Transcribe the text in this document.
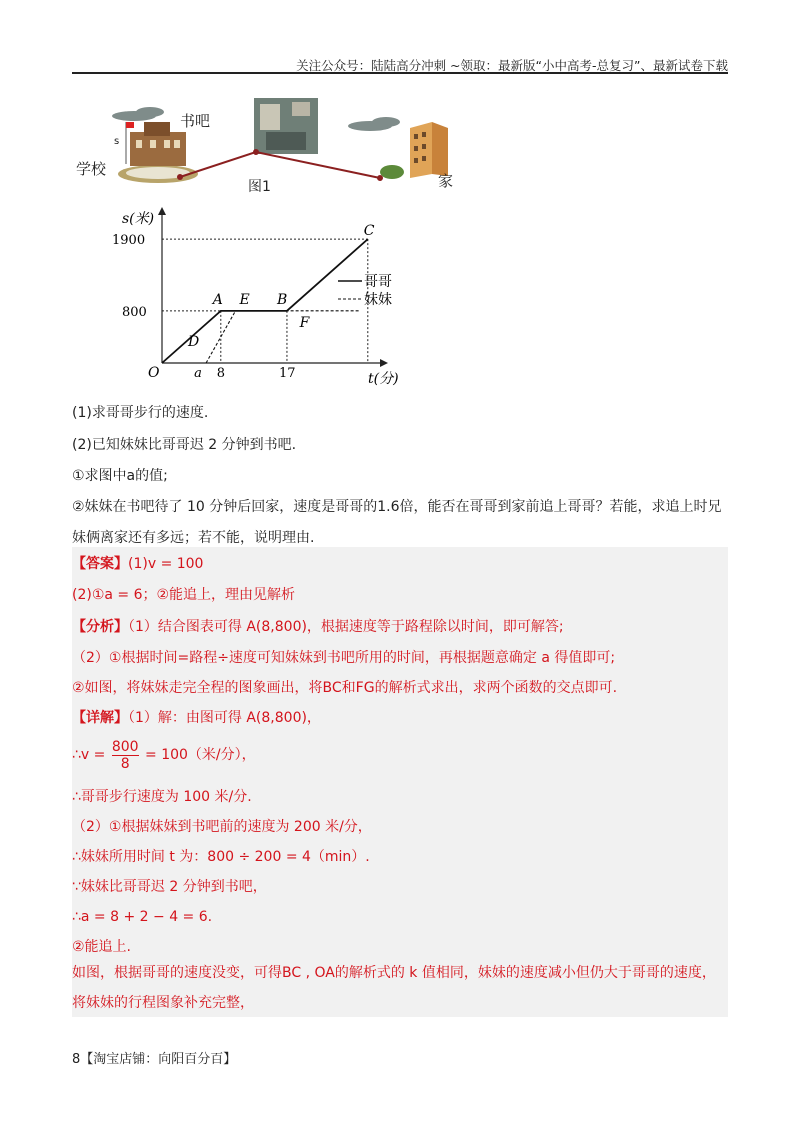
关注公众号：陆陆高分冲刺 ~领取：最新版“小中高考-总复习”、最新试卷下载
书吧
学校
s
图1	家
s(米)
t(分)
O
1900
800
a 8	17
A E B
C
D
F
哥哥
妹妹
(1)求哥哥步行的速度.
(2)已知妹妹比哥哥迟 2 分钟到书吧.
①求图中a的值;
②妹妹在书吧待了 10 分钟后回家，速度是哥哥的1.6倍，能否在哥哥到家前追上哥哥？若能，求追上时兄
妹俩离家还有多远；若不能，说明理由.
【答案】(1)v = 100
(2)①a = 6；②能追上，理由见解析
【分析】（1）结合图表可得 A(8,800)，根据速度等于路程除以时间，即可解答;
（2）①根据时间=路程÷速度可知妹妹到书吧所用的时间，再根据题意确定 a 得值即可;
②如图，将妹妹走完全程的图象画出，将BC和FG的解析式求出，求两个函数的交点即可.
【详解】（1）解：由图可得 A(8,800)，
∴v = $\frac{800}{8} = 100$（米/分），
∴哥哥步行速度为 100 米/分.
（2）①根据妹妹到书吧前的速度为 200 米/分，
∴妹妹所用时间 t 为：800 ÷ 200 = 4（min）.
∵妹妹比哥哥迟 2 分钟到书吧，
∴a = 8 + 2 − 4 = 6.
②能追上.
如图，根据哥哥的速度没变，可得BC , OA的解析式的 k 值相同，妹妹的速度减小但仍大于哥哥的速度，
将妹妹的行程图象补充完整，
8【淘宝店铺：向阳百分百】
